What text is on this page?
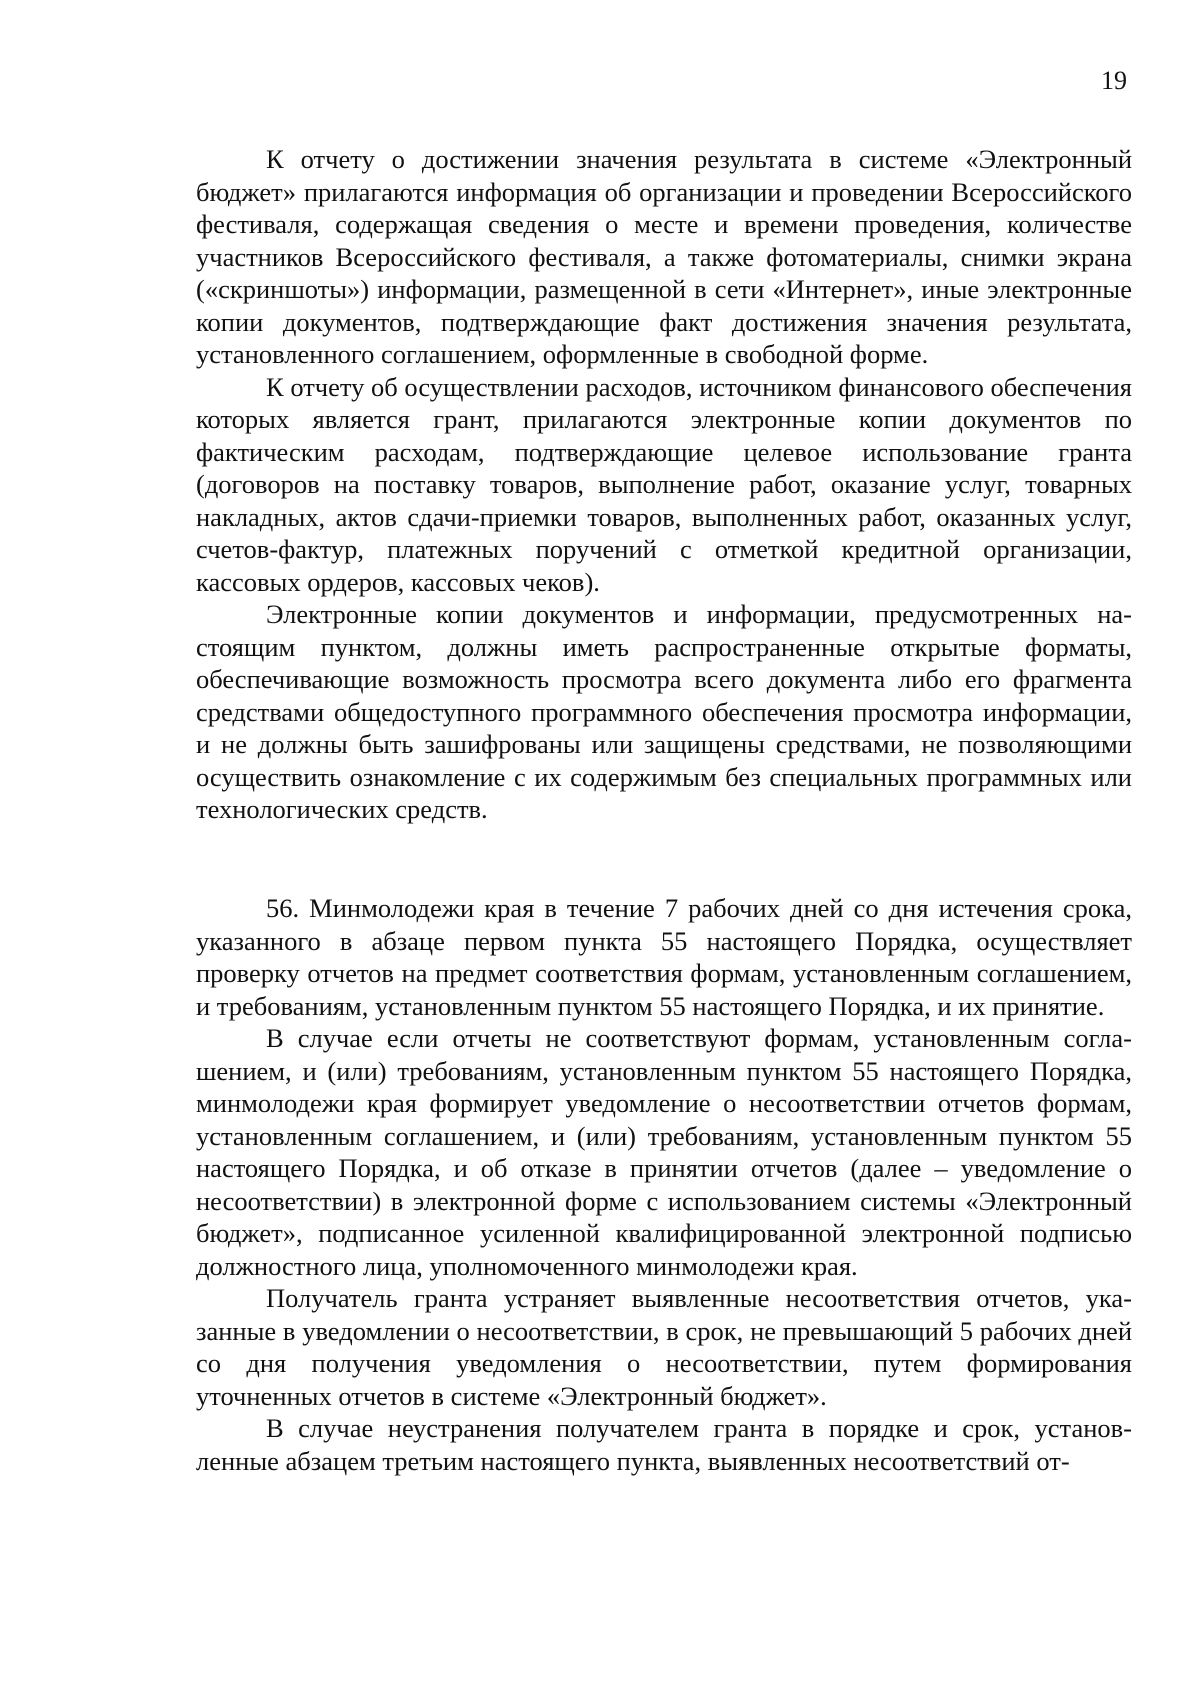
19

К отчету о достижении значения результата в системе «Электронный бюджет» прилагаются информация об организации и проведении Всероссийского фестиваля, содержащая сведения о месте и времени проведения, количестве участников Всероссийского фестиваля, а также фотоматериалы, снимки экрана («скриншоты») информации, размещенной в сети «Интернет», иные электронные копии документов, подтверждающие факт достижения значения результата, установленного соглашением, оформленные в свободной форме.

К отчету об осуществлении расходов, источником финансового обеспечения которых является грант, прилагаются электронные копии документов по фактическим расходам, подтверждающие целевое использование гранта (договоров на поставку товаров, выполнение работ, оказание услуг, товарных накладных, актов сдачи-приемки товаров, выполненных работ, оказанных услуг, счетов-фактур, платежных поручений с отметкой кредитной организации, кассовых ордеров, кассовых чеков).

Электронные копии документов и информации, предусмотренных настоящим пунктом, должны иметь распространенные открытые форматы, обеспечивающие возможность просмотра всего документа либо его фрагмента средствами общедоступного программного обеспечения просмотра информации, и не должны быть зашифрованы или защищены средствами, не позволяющими осуществить ознакомление с их содержимым без специальных программных или технологических средств.

56. Минмолодежи края в течение 7 рабочих дней со дня истечения срока, указанного в абзаце первом пункта 55 настоящего Порядка, осуществляет проверку отчетов на предмет соответствия формам, установленным соглашением, и требованиям, установленным пунктом 55 настоящего Порядка, и их принятие.

В случае если отчеты не соответствуют формам, установленным соглашением, и (или) требованиям, установленным пунктом 55 настоящего Порядка, минмолодежи края формирует уведомление о несоответствии отчетов формам, установленным соглашением, и (или) требованиям, установленным пунктом 55 настоящего Порядка, и об отказе в принятии отчетов (далее – уведомление о несоответствии) в электронной форме с использованием системы «Электронный бюджет», подписанное усиленной квалифицированной электронной подписью должностного лица, уполномоченного минмолодежи края.

Получатель гранта устраняет выявленные несоответствия отчетов, указанные в уведомлении о несоответствии, в срок, не превышающий 5 рабочих дней со дня получения уведомления о несоответствии, путем формирования уточненных отчетов в системе «Электронный бюджет».

В случае неустранения получателем гранта в порядке и срок, установленные абзацем третьим настоящего пункта, выявленных несоответствий от-
